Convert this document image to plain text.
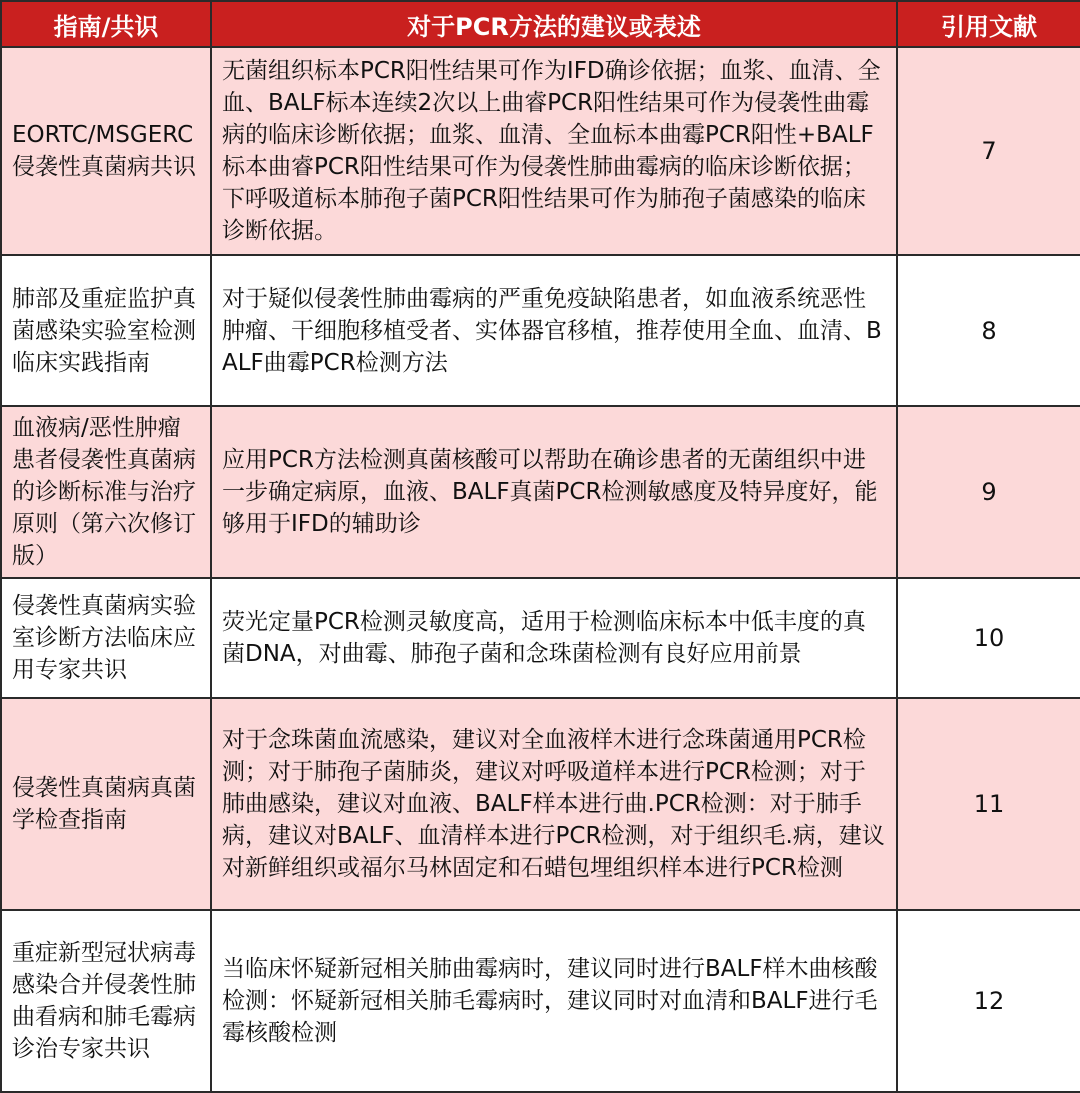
指南/共识	对于PCR方法的建议或表述	引用文献
EORTC/MSGERC侵袭性真菌病共识	无菌组织标本PCR阳性结果可作为IFD确诊依据；血浆、血清、全血、BALF标本连续2次以上曲睿PCR阳性结果可作为侵袭性曲霉病的临床诊断依据；血浆、血清、全血标本曲霉PCR阳性+BALF标本曲睿PCR阳性结果可作为侵袭性肺曲霉病的临床诊断依据；下呼吸道标本肺孢子菌PCR阳性结果可作为肺孢子菌感染的临床诊断依据。	7
肺部及重症监护真菌感染实验室检测临床实践指南	对于疑似侵袭性肺曲霉病的严重免疫缺陷患者，如血液系统恶性肿瘤、干细胞移植受者、实体器官移植，推荐使用全血、血清、BALF曲霉PCR检测方法	8
血液病/恶性肿瘤患者侵袭性真菌病的诊断标准与治疗原则（第六次修订版）	应用PCR方法检测真菌核酸可以帮助在确诊患者的无菌组织中进一步确定病原，血液、BALF真菌PCR检测敏感度及特异度好，能够用于IFD的辅助诊	9
侵袭性真菌病实验室诊断方法临床应用专家共识	荧光定量PCR检测灵敏度高，适用于检测临床标本中低丰度的真菌DNA，对曲霉、肺孢子菌和念珠菌检测有良好应用前景	10
侵袭性真菌病真菌学检查指南	对于念珠菌血流感染，建议对全血液样木进行念珠菌通用PCR检测；对于肺孢子菌肺炎，建议对呼吸道样本进行PCR检测；对于肺曲感染，建议对血液、BALF样本进行曲.PCR检测：对于肺手病，建议对BALF、血清样本进行PCR检测，对于组织毛.病，建议对新鲜组织或福尔马林固定和石蜡包埋组织样本进行PCR检测	11
重症新型冠状病毒感染合并侵袭性肺曲看病和肺毛霉病诊治专家共识	当临床怀疑新冠相关肺曲霉病时，建议同时进行BALF样木曲核酸检测：怀疑新冠相关肺毛霉病时，建议同时对血清和BALF进行毛霉核酸检测	12
